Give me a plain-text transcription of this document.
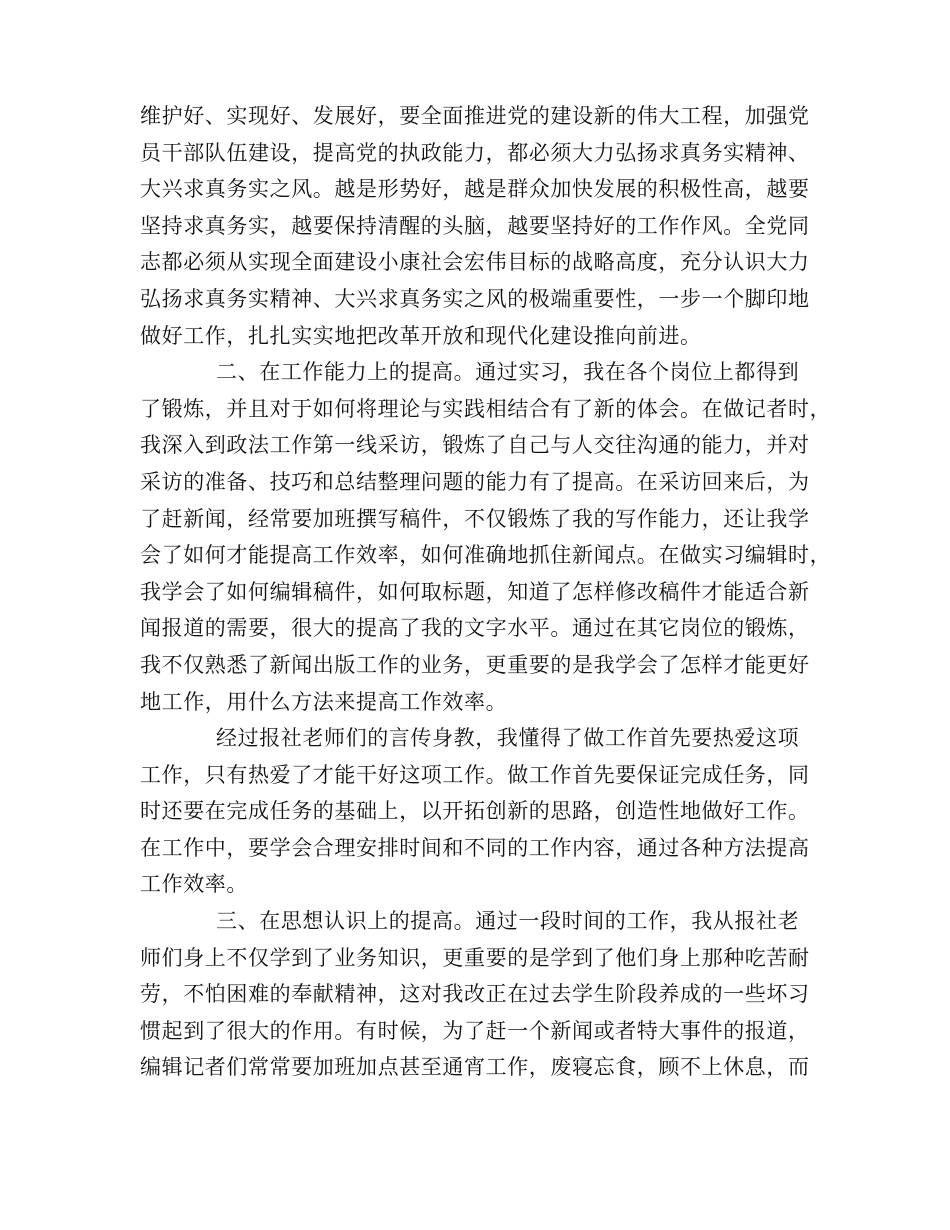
维护好、实现好、发展好，要全面推进党的建设新的伟大工程，加强党
员干部队伍建设，提高党的执政能力，都必须大力弘扬求真务实精神、
大兴求真务实之风。越是形势好，越是群众加快发展的积极性高，越要
坚持求真务实，越要保持清醒的头脑，越要坚持好的工作作风。全党同
志都必须从实现全面建设小康社会宏伟目标的战略高度，充分认识大力
弘扬求真务实精神、大兴求真务实之风的极端重要性，一步一个脚印地
做好工作，扎扎实实地把改革开放和现代化建设推向前进。
二、在工作能力上的提高。通过实习，我在各个岗位上都得到
了锻炼，并且对于如何将理论与实践相结合有了新的体会。在做记者时，
我深入到政法工作第一线采访，锻炼了自己与人交往沟通的能力，并对
采访的准备、技巧和总结整理问题的能力有了提高。在采访回来后，为
了赶新闻，经常要加班撰写稿件，不仅锻炼了我的写作能力，还让我学
会了如何才能提高工作效率，如何准确地抓住新闻点。在做实习编辑时，
我学会了如何编辑稿件，如何取标题，知道了怎样修改稿件才能适合新
闻报道的需要，很大的提高了我的文字水平。通过在其它岗位的锻炼，
我不仅熟悉了新闻出版工作的业务，更重要的是我学会了怎样才能更好
地工作，用什么方法来提高工作效率。
经过报社老师们的言传身教，我懂得了做工作首先要热爱这项
工作，只有热爱了才能干好这项工作。做工作首先要保证完成任务，同
时还要在完成任务的基础上，以开拓创新的思路，创造性地做好工作。
在工作中，要学会合理安排时间和不同的工作内容，通过各种方法提高
工作效率。
三、在思想认识上的提高。通过一段时间的工作，我从报社老
师们身上不仅学到了业务知识，更重要的是学到了他们身上那种吃苦耐
劳，不怕困难的奉献精神，这对我改正在过去学生阶段养成的一些坏习
惯起到了很大的作用。有时候，为了赶一个新闻或者特大事件的报道，
编辑记者们常常要加班加点甚至通宵工作，废寝忘食，顾不上休息，而
